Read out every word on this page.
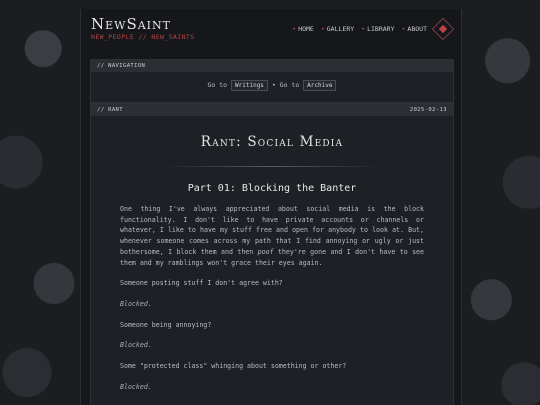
NewSaint
NEW_PEOPLE // NEW_SAINTS
• HOME • GALLERY • LIBRARY • ABOUT
// NAVIGATION
Go to Writings • Go to Archive
// RANT	2025-02-13
Rant: Social Media
Part 01: Blocking the Banter

One thing I've always appreciated about social media is the block functionality. I don't like to have private accounts or channels or whatever, I like to have my stuff free and open for anybody to look at. But, whenever someone comes across my path that I find annoying or ugly or just bothersome, I block them and then poof they're gone and I don't have to see them and my ramblings won't grace their eyes again.

Someone posting stuff I don't agree with?

Blocked.

Someone being annoying?

Blocked.

Some "protected class" whinging about something or other?

Blocked.
